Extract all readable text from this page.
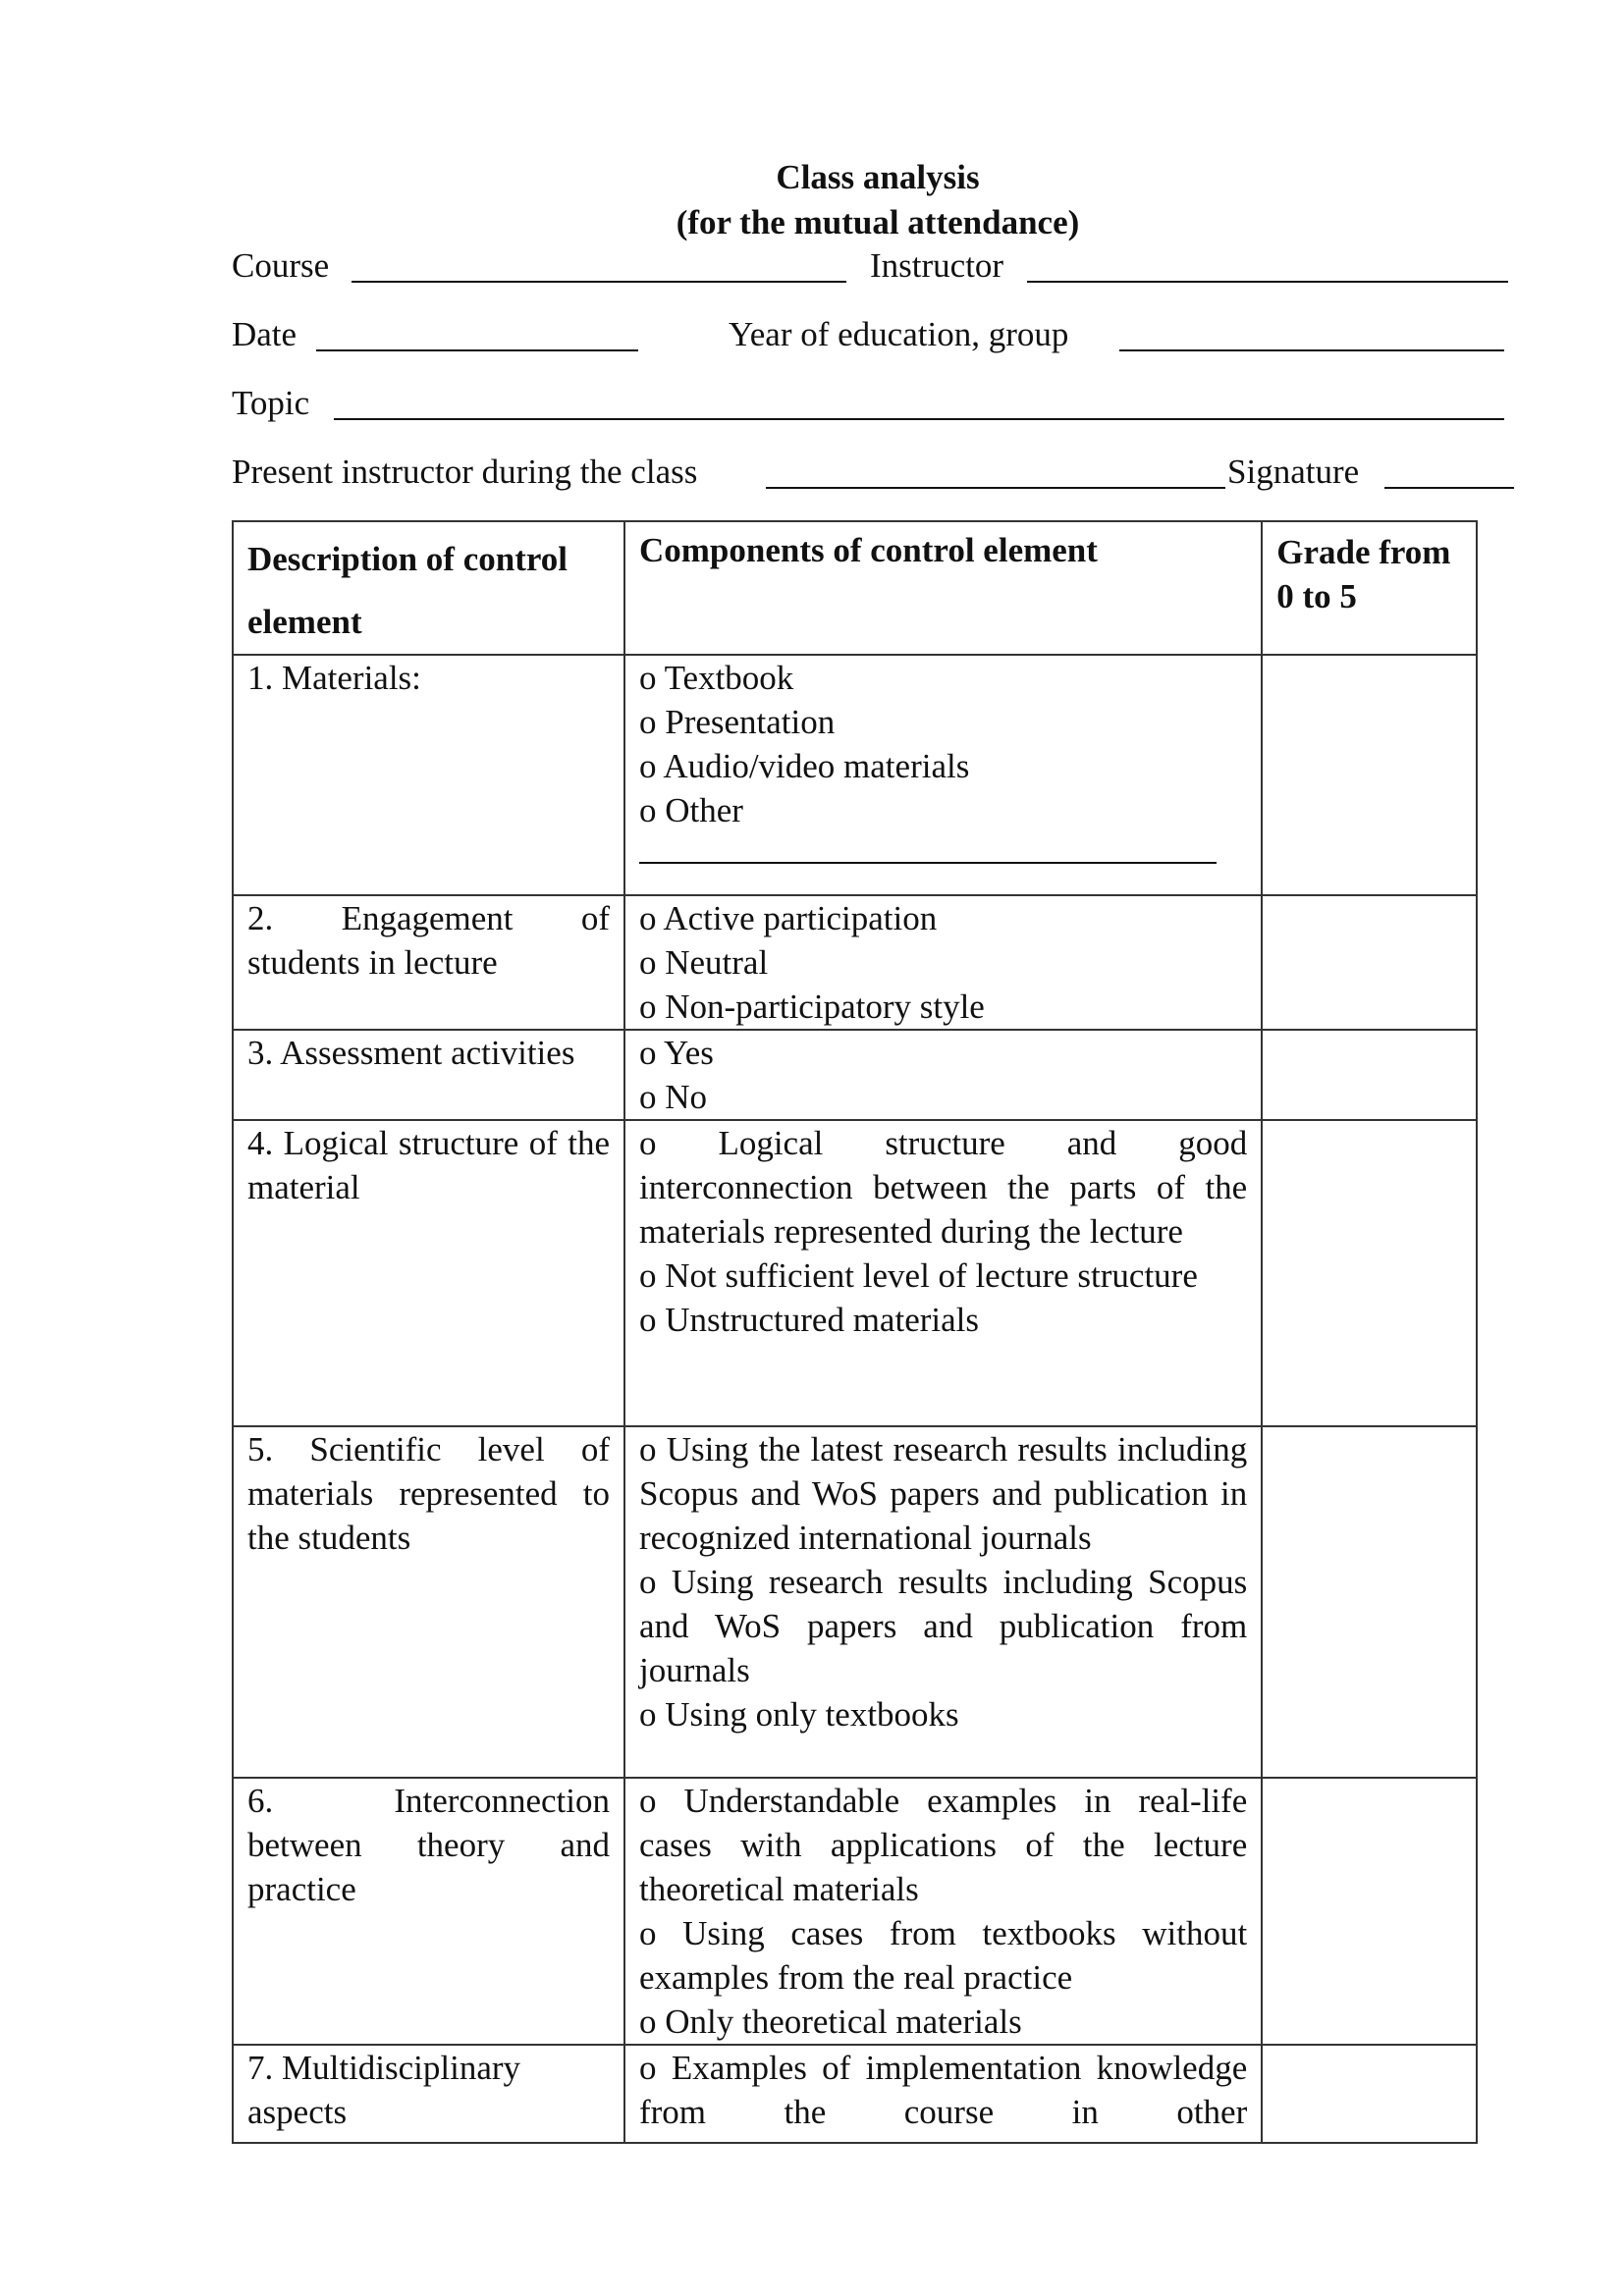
Class analysis
(for the mutual attendance)
Course	Instructor
Date	Year of education, group
Topic
Present instructor during the class	Signature
Description of control element	Components of control element	Grade from 0 to 5
1. Materials:	o Textbook
o Presentation
o Audio/video materials
o Other	

2. Engagement of students in lecture	o Active participation
o Neutral
o Non-participatory style	

3. Assessment activities	o Yes
o No	

4. Logical structure of the material	o Logical structure and good interconnection between the parts of the materials represented during the lecture
o Not sufficient level of lecture structure
o Unstructured materials	

5. Scientific level of materials represented to the students	o Using the latest research results including Scopus and WoS papers and publication in recognized international journals
o Using research results including Scopus and WoS papers and publication from journals
o Using only textbooks	

6. Interconnection between theory and practice	o Understandable examples in real-life cases with applications of the lecture theoretical materials
o Using cases from textbooks without examples from the real practice
o Only theoretical materials	

7. Multidisciplinary aspects	o Examples of implementation knowledge from the course in other	
